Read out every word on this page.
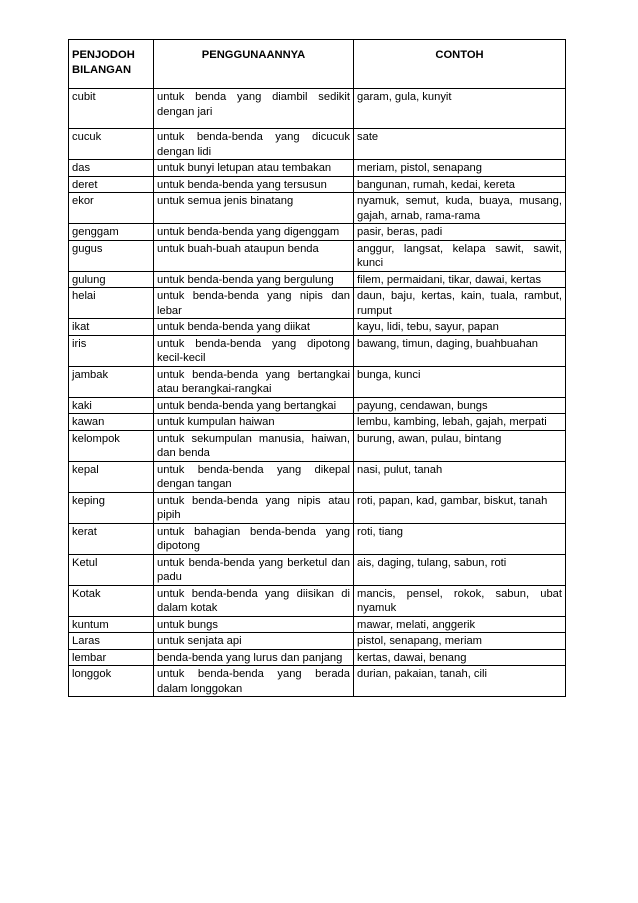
PENJODOH BILANGAN	PENGGUNAANNYA	CONTOH
cubit	untuk benda yang diambil sedikit dengan jari	garam, gula, kunyit
cucuk	untuk benda-benda yang dicucuk dengan lidi	sate
das	untuk bunyi letupan atau tembakan	meriam, pistol, senapang
deret	untuk benda-benda yang tersusun	bangunan, rumah, kedai, kereta
ekor	untuk semua jenis binatang	nyamuk, semut, kuda, buaya, musang, gajah, arnab, rama-rama
genggam	untuk benda-benda yang digenggam	pasir, beras, padi
gugus	untuk buah-buah ataupun benda	anggur, langsat, kelapa sawit, sawit, kunci
gulung	untuk benda-benda yang bergulung	filem, permaidani, tikar, dawai, kertas
helai	untuk benda-benda yang nipis dan lebar	daun, baju, kertas, kain, tuala, rambut, rumput
ikat	untuk benda-benda yang diikat	kayu, lidi, tebu, sayur, papan
iris	untuk benda-benda yang dipotong kecil-kecil	bawang, timun, daging, buahbuahan
jambak	untuk benda-benda yang bertangkai atau berangkai-rangkai	bunga, kunci
kaki	untuk benda-benda yang bertangkai	payung, cendawan, bungs
kawan	untuk kumpulan haiwan	lembu, kambing, lebah, gajah, merpati
kelompok	untuk sekumpulan manusia, haiwan, dan benda	burung, awan, pulau, bintang
kepal	untuk benda-benda yang dikepal dengan tangan	nasi, pulut, tanah
keping	untuk benda-benda yang nipis atau pipih	roti, papan, kad, gambar, biskut, tanah
kerat	untuk bahagian benda-benda yang dipotong	roti, tiang
Ketul	untuk benda-benda yang berketul dan padu	ais, daging, tulang, sabun, roti
Kotak	untuk benda-benda yang diisikan di dalam kotak	mancis, pensel, rokok, sabun, ubat nyamuk
kuntum	untuk bungs	mawar, melati, anggerik
Laras	untuk senjata api	pistol, senapang, meriam
lembar	benda-benda yang lurus dan panjang	kertas, dawai, benang
longgok	untuk benda-benda yang berada dalam longgokan	durian, pakaian, tanah, cili
